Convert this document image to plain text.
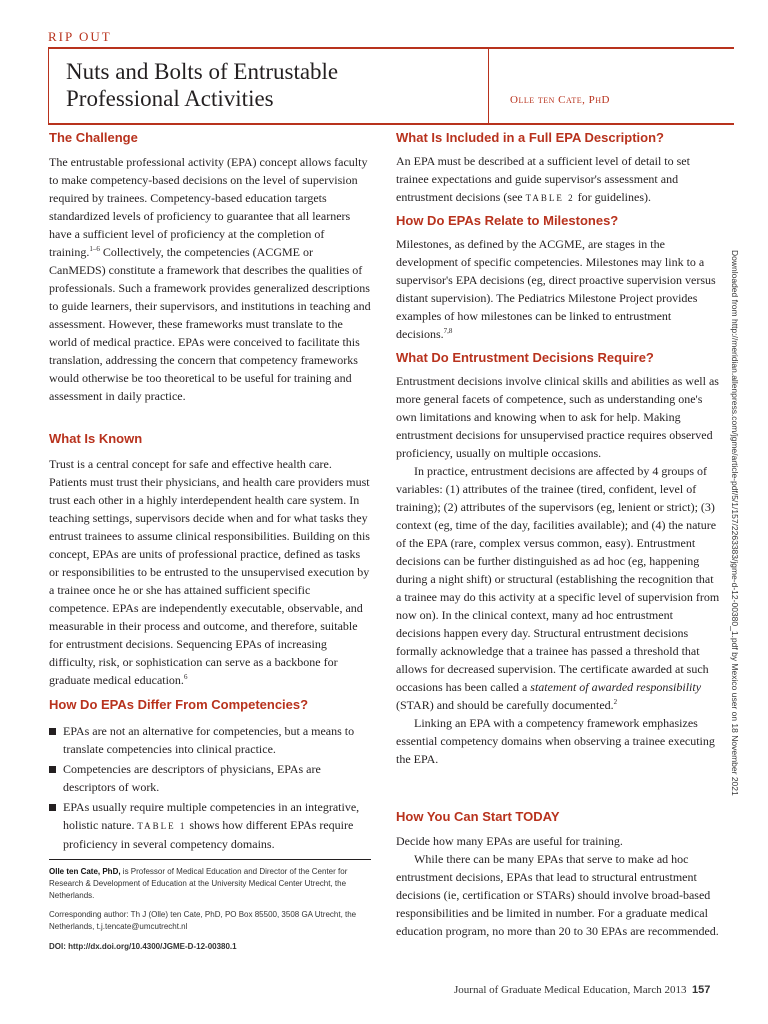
RIP OUT
Nuts and Bolts of Entrustable
Professional Activities	Olle ten Cate, PhD
The Challenge

The entrustable professional activity (EPA) concept allows faculty to make competency-based decisions on the level of supervision required by trainees. Competency-based education targets standardized levels of proficiency to guarantee that all learners have a sufficient level of proficiency at the completion of training.$^{1-6}$ Collectively, the competencies (ACGME or CanMEDS) constitute a framework that describes the qualities of professionals. Such a framework provides generalized descriptions to guide learners, their supervisors, and institutions in teaching and assessment. However, these frameworks must translate to the world of medical practice. EPAs were conceived to facilitate this translation, addressing the concern that competency frameworks would otherwise be too theoretical to be useful for training and assessment in daily practice.

What Is Known

Trust is a central concept for safe and effective health care. Patients must trust their physicians, and health care providers must trust each other in a highly interdependent health care system. In teaching settings, supervisors decide when and for what tasks they entrust trainees to assume clinical responsibilities. Building on this concept, EPAs are units of professional practice, defined as tasks or responsibilities to be entrusted to the unsupervised execution by a trainee once he or she has attained sufficient specific competence. EPAs are independently executable, observable, and measurable in their process and outcome, and therefore, suitable for entrustment decisions. Sequencing EPAs of increasing difficulty, risk, or sophistication can serve as a backbone for graduate medical education.$^6$

How Do EPAs Differ From Competencies?
EPAs are not an alternative for competencies, but a means to translate competencies into clinical practice.
Competencies are descriptors of physicians, EPAs are descriptors of work.
EPAs usually require multiple competencies in an integrative, holistic nature. TABLE 1 shows how different EPAs require proficiency in several competency domains.
Olle ten Cate, PhD, is Professor of Medical Education and Director of the Center for Research & Development of Education at the University Medical Center Utrecht, the Netherlands.
Corresponding author: Th J (Olle) ten Cate, PhD, PO Box 85500, 3508 GA Utrecht, the Netherlands, t.j.tencate@umcutrecht.nl
DOI: http://dx.doi.org/10.4300/JGME-D-12-00380.1
What Is Included in a Full EPA Description?

An EPA must be described at a sufficient level of detail to set trainee expectations and guide supervisor's assessment and entrustment decisions (see TABLE 2 for guidelines).

How Do EPAs Relate to Milestones?

Milestones, as defined by the ACGME, are stages in the development of specific competencies. Milestones may link to a supervisor's EPA decisions (eg, direct proactive supervision versus distant supervision). The Pediatrics Milestone Project provides examples of how milestones can be linked to entrustment decisions.$^{7,8}$

What Do Entrustment Decisions Require?

Entrustment decisions involve clinical skills and abilities as well as more general facets of competence, such as understanding one's own limitations and knowing when to ask for help. Making entrustment decisions for unsupervised practice requires observed proficiency, usually on multiple occasions.

In practice, entrustment decisions are affected by 4 groups of variables: (1) attributes of the trainee (tired, confident, level of training); (2) attributes of the supervisors (eg, lenient or strict); (3) context (eg, time of the day, facilities available); and (4) the nature of the EPA (rare, complex versus common, easy). Entrustment decisions can be further distinguished as ad hoc (eg, happening during a night shift) or structural (establishing the recognition that a trainee may do this activity at a specific level of supervision from now on). In the clinical context, many ad hoc entrustment decisions happen every day. Structural entrustment decisions formally acknowledge that a trainee has passed a threshold that allows for decreased supervision. The certificate awarded at such occasions has been called a statement of awarded responsibility (STAR) and should be carefully documented.$^2$

Linking an EPA with a competency framework emphasizes essential competency domains when observing a trainee executing the EPA.

How You Can Start TODAY

Decide how many EPAs are useful for training.

While there can be many EPAs that serve to make ad hoc entrustment decisions, EPAs that lead to structural entrustment decisions (ie, certification or STARs) should involve broad-based responsibilities and be limited in number. For a graduate medical education program, no more than 20 to 30 EPAs are recommended.

Downloaded from http://meridian.allenpress.com/jgme/article-pdf/5/1/157/2263383/jgme-d-12-00380_1.pdf by Mexico user on 18 November 2021
Journal of Graduate Medical Education, March 2013 157
